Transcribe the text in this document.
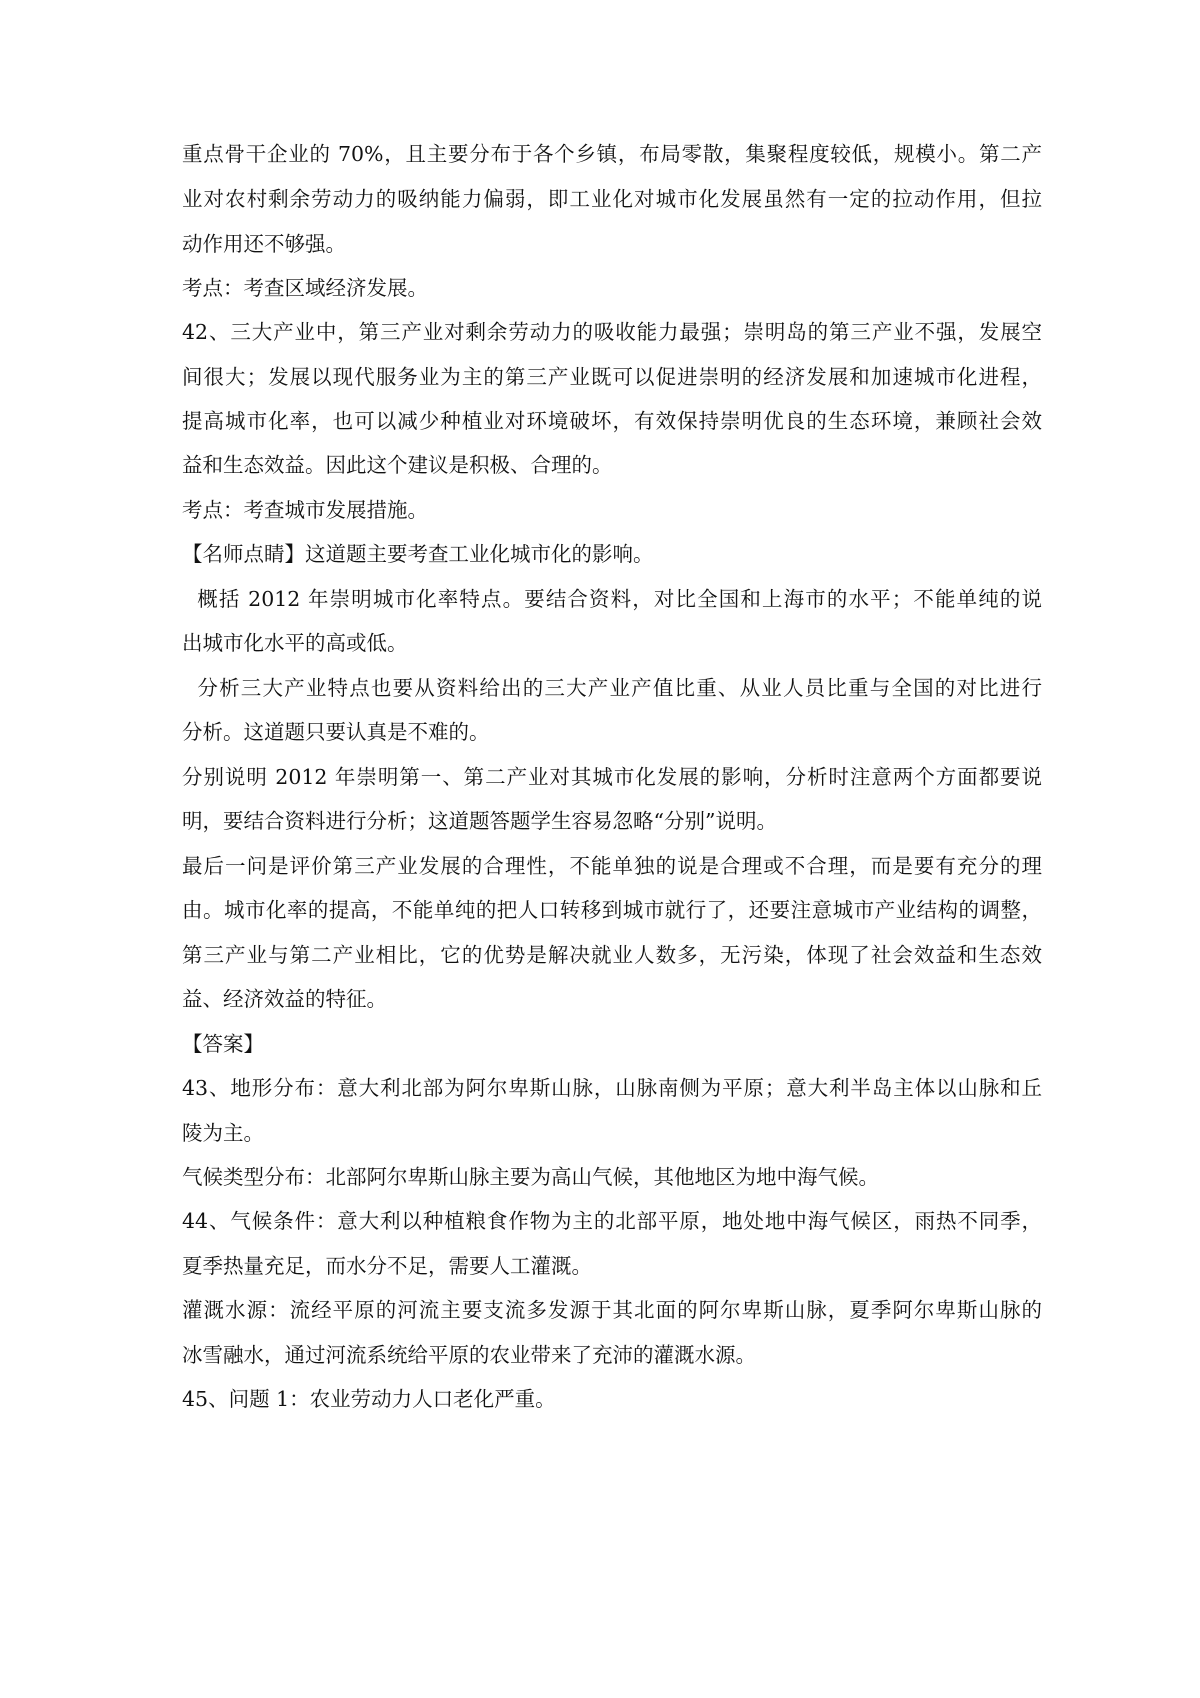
重点骨干企业的 70%，且主要分布于各个乡镇，布局零散，集聚程度较低，规模小。第二产
业对农村剩余劳动力的吸纳能力偏弱，即工业化对城市化发展虽然有一定的拉动作用，但拉
动作用还不够强。
考点：考查区域经济发展。
42、三大产业中，第三产业对剩余劳动力的吸收能力最强；崇明岛的第三产业不强，发展空
间很大；发展以现代服务业为主的第三产业既可以促进崇明的经济发展和加速城市化进程，
提高城市化率，也可以减少种植业对环境破坏，有效保持崇明优良的生态环境，兼顾社会效
益和生态效益。因此这个建议是积极、合理的。
考点：考查城市发展措施。
【名师点睛】这道题主要考查工业化城市化的影响。
概括 2012 年崇明城市化率特点。要结合资料，对比全国和上海市的水平；不能单纯的说
出城市化水平的高或低。
分析三大产业特点也要从资料给出的三大产业产值比重、从业人员比重与全国的对比进行
分析。这道题只要认真是不难的。
分别说明 2012 年崇明第一、第二产业对其城市化发展的影响，分析时注意两个方面都要说
明，要结合资料进行分析；这道题答题学生容易忽略“分别”说明。
最后一问是评价第三产业发展的合理性，不能单独的说是合理或不合理，而是要有充分的理
由。城市化率的提高，不能单纯的把人口转移到城市就行了，还要注意城市产业结构的调整，
第三产业与第二产业相比，它的优势是解决就业人数多，无污染，体现了社会效益和生态效
益、经济效益的特征。
【答案】
43、地形分布：意大利北部为阿尔卑斯山脉，山脉南侧为平原；意大利半岛主体以山脉和丘
陵为主。
气候类型分布：北部阿尔卑斯山脉主要为高山气候，其他地区为地中海气候。
44、气候条件：意大利以种植粮食作物为主的北部平原，地处地中海气候区，雨热不同季，
夏季热量充足，而水分不足，需要人工灌溉。
灌溉水源：流经平原的河流主要支流多发源于其北面的阿尔卑斯山脉，夏季阿尔卑斯山脉的
冰雪融水，通过河流系统给平原的农业带来了充沛的灌溉水源。
45、问题 1：农业劳动力人口老化严重。
